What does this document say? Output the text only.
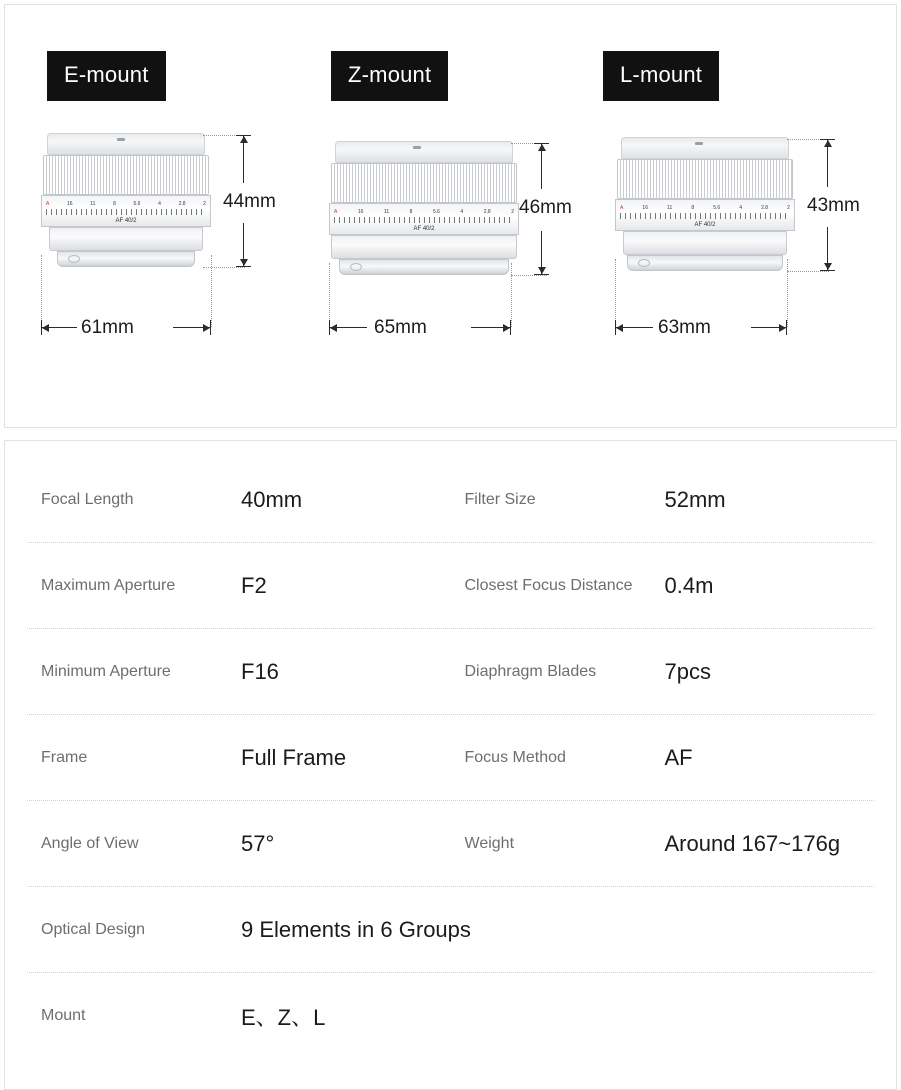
E-mount
A	16	11	8	5.6	4	2.8	2
AF 40/2
44mm
61mm
Z-mount
A	16	11	8	5.6	4	2.8	2
AF 40/2
46mm
65mm
L-mount
A	16	11	8	5.6	4	2.8	2
AF 40/2
43mm
63mm
Focal Length	40mm	Filter Size	52mm
Maximum Aperture	F2	Closest Focus Distance	0.4m
Minimum Aperture	F16	Diaphragm Blades	7pcs
Frame	Full Frame	Focus Method	AF
Angle of View	57°	Weight	Around 167~176g
Optical Design	9 Elements in 6 Groups
Mount	E、Z、L
